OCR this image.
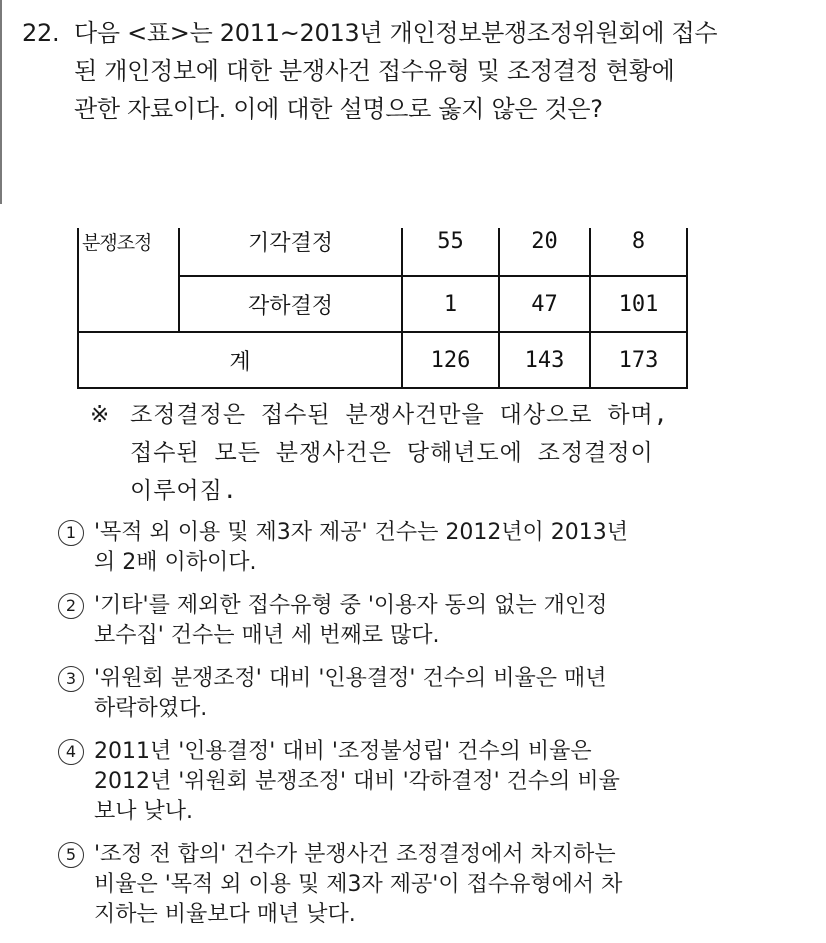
22. 다음 <표>는 2011~2013년 개인정보분쟁조정위원회에 접수
된 개인정보에 대한 분쟁사건 접수유형 및 조정결정 현황에
관한 자료이다. 이에 대한 설명으로 옳지 않은 것은?
분쟁조정	기각결정	55	20	8
	각하결정	1	47	101
계		126	143	173
※ 조정결정은 접수된 분쟁사건만을 대상으로 하며,
접수된 모든 분쟁사건은 당해년도에 조정결정이
이루어짐.
1 '목적 외 이용 및 제3자 제공' 건수는 2012년이 2013년
의 2배 이하이다.
2 '기타'를 제외한 접수유형 중 '이용자 동의 없는 개인정
보수집' 건수는 매년 세 번째로 많다.
3 '위원회 분쟁조정' 대비 '인용결정' 건수의 비율은 매년
하락하였다.
4 2011년 '인용결정' 대비 '조정불성립' 건수의 비율은
2012년 '위원회 분쟁조정' 대비 '각하결정' 건수의 비율
보나 낮나.
5 '조정 전 합의' 건수가 분쟁사건 조정결정에서 차지하는
비율은 '목적 외 이용 및 제3자 제공'이 접수유형에서 차
지하는 비율보다 매년 낮다.
